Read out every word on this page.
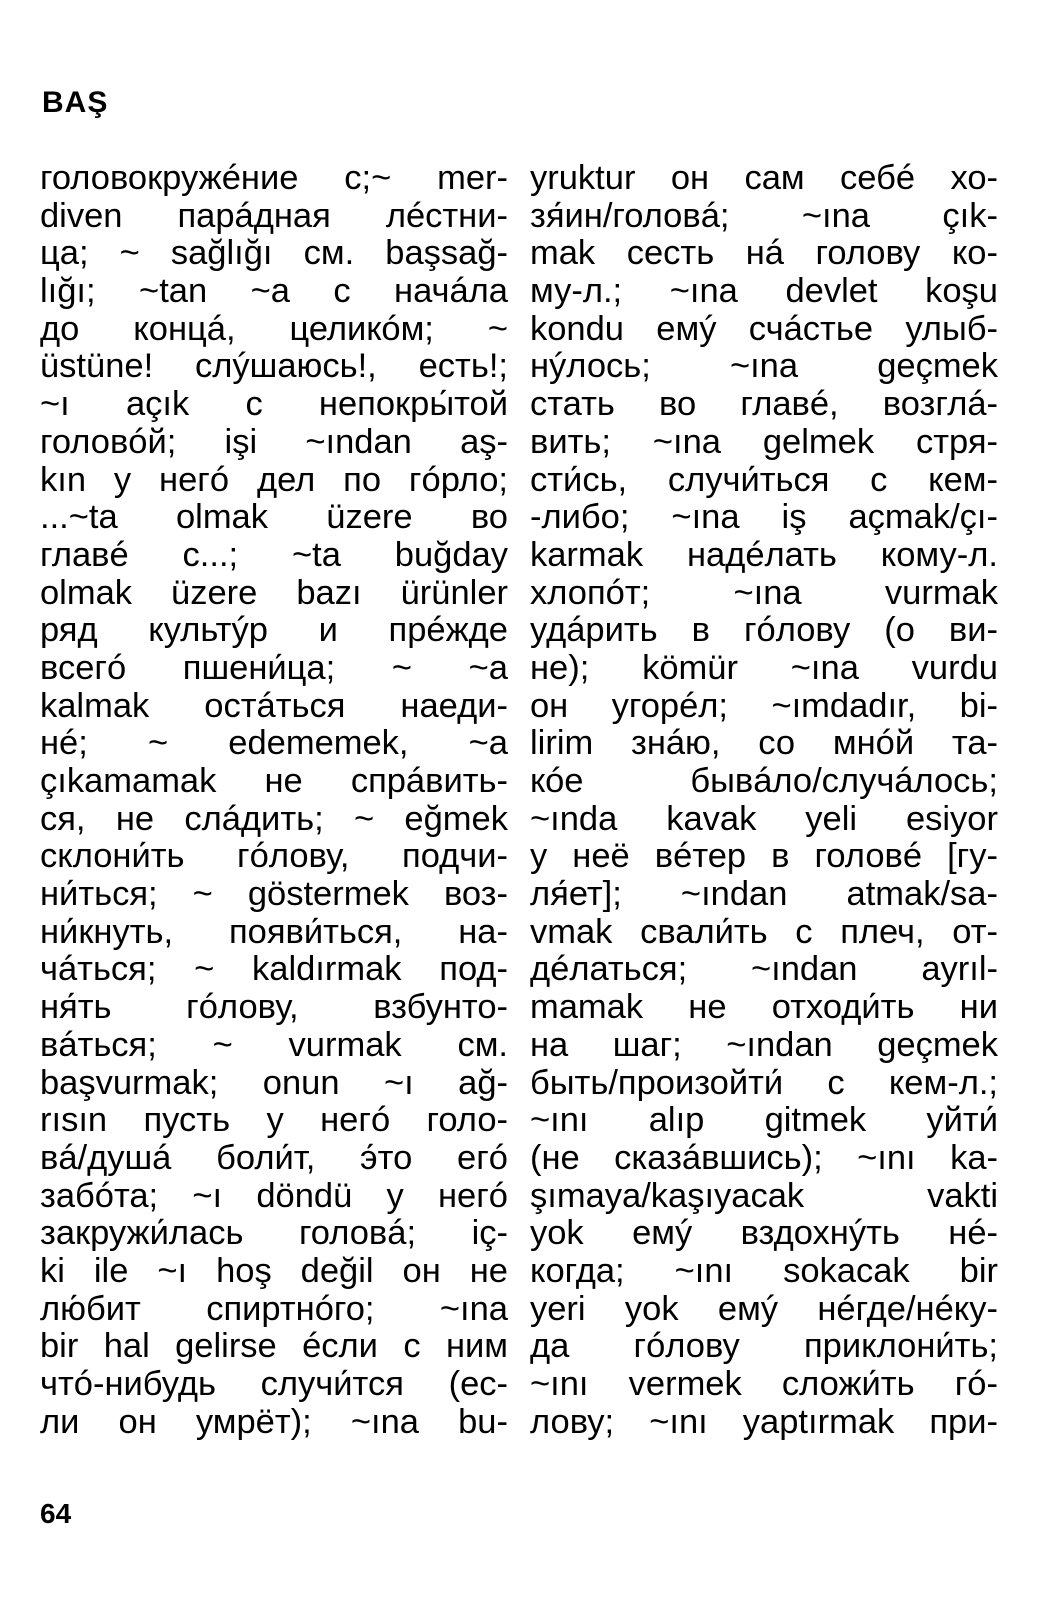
BAŞ
головокружéние с;~ mer-
diven парáдная лéстни-
ца; ~ sağlığı см. başsağ-
lığı; ~tan ~a с начáла
до концá, целикóм; ~
üstüne! слýшаюсь!, есть!;
~ı açık с непокры́той
головóй; işi ~ından aş-
kın у негó дел по гóрло;
...~ta olmak üzere во
главé с...; ~ta buğday
olmak üzere bazı ürünler
ряд культýр и прéжде
всегó пшени́ца; ~ ~a
kalmak остáться наеди-
нé; ~ edememek, ~a
çıkamamak не спрáвить-
ся, не слáдить; ~ eğmek
склони́ть гóлову, подчи-
ни́ться; ~ göstermek воз-
ни́кнуть, появи́ться, на-
чáться; ~ kaldırmak под-
ня́ть гóлову, взбунто-
вáться; ~ vurmak см.
başvurmak; onun ~ı ağ-
rısın пусть у негó голо-
вá/душá боли́т, э́то егó
забóта; ~ı döndü у негó
закружи́лась головá; iç-
ki ile ~ı hoş değil он не
лю́бит спиртнóго; ~ına
bir hal gelirse éсли с ним
чтó-нибудь случи́тся (ес-
ли он умрёт); ~ına bu-
yruktur он сам себé хо-
зя́ин/головá; ~ına çık-
mak сесть нá голову ко-
му-л.; ~ına devlet koşu
kondu емý счáстье улыб-
нýлось; ~ına geçmek
стать во главé, возглá-
вить; ~ına gelmek стря-
сти́сь, случи́ться с кем-
-либо; ~ına iş açmak/çı-
karmak надéлать кому-л.
хлопóт; ~ına vurmak
удáрить в гóлову (о ви-
не); kömür ~ına vurdu
он угорéл; ~ımdadır, bi-
lirim знáю, со мнóй та-
кóе бывáло/случáлось;
~ında kavak yeli esiyor
у неё вéтер в головé [гу-
ля́ет]; ~ından atmak/sa-
vmak свали́ть с плеч, от-
дéлаться; ~ından ayrıl-
mamak не отходи́ть ни
на шаг; ~ından geçmek
быть/произойти́ с кем-л.;
~ını alıp gitmek уйти́
(не сказáвшись); ~ını ka-
şımaya/kaşıyacak vakti
yok емý вздохнýть нé-
когда; ~ını sokacak bir
yeri yok емý нéгде/нéку-
да гóлову приклони́ть;
~ını vermek сложи́ть гó-
лову; ~ını yaptırmak при-
64
